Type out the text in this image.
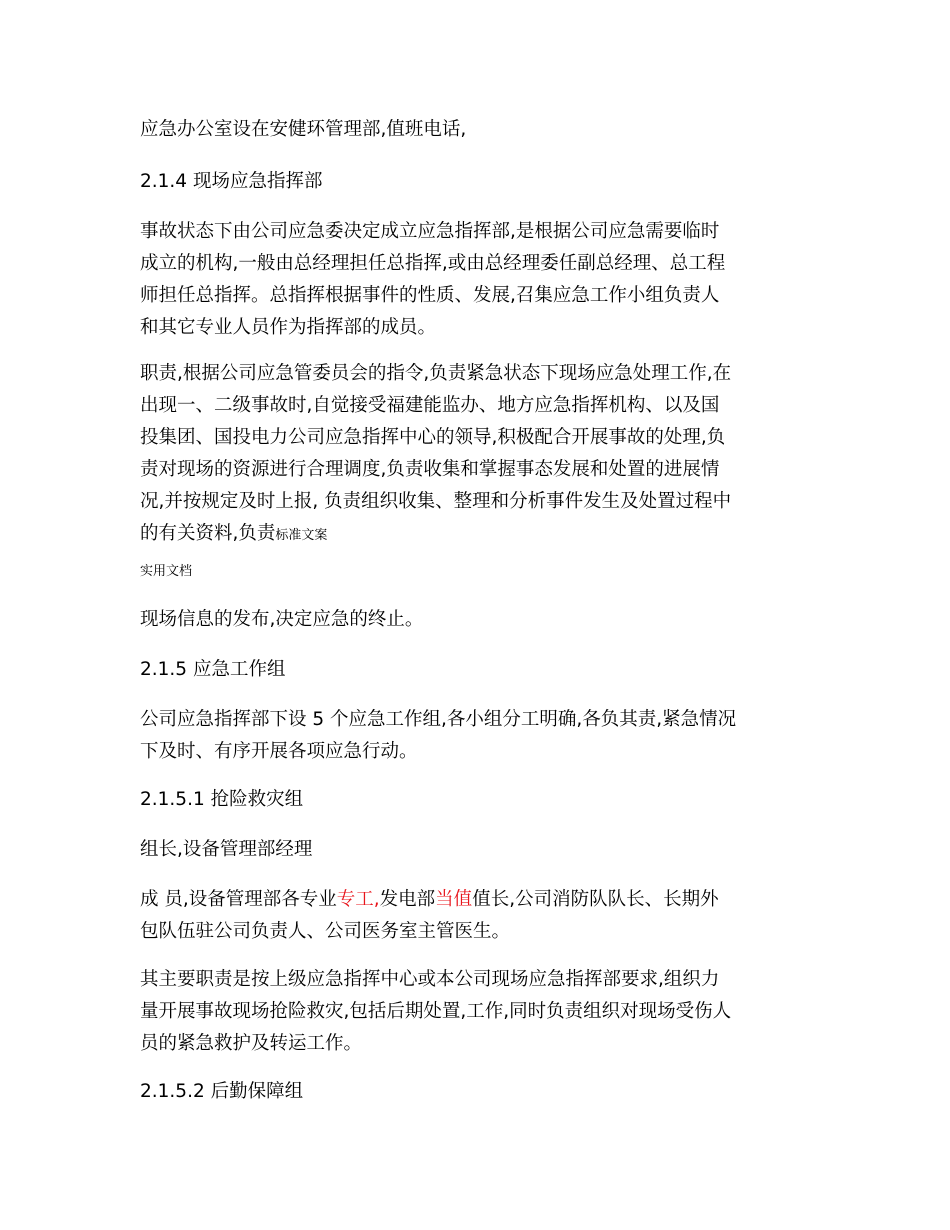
应急办公室设在安健环管理部,值班电话,

2.1.4 现场应急指挥部

事故状态下由公司应急委决定成立应急指挥部,是根据公司应急需要临时
成立的机构,一般由总经理担任总指挥,或由总经理委任副总经理、总工程
师担任总指挥。总指挥根据事件的性质、发展,召集应急工作小组负责人
和其它专业人员作为指挥部的成员。
职责,根据公司应急管委员会的指令,负责紧急状态下现场应急处理工作,在
出现一、二级事故时,自觉接受福建能监办、地方应急指挥机构、以及国
投集团、国投电力公司应急指挥中心的领导,积极配合开展事故的处理,负
责对现场的资源进行合理调度,负责收集和掌握事态发展和处置的进展情
况,并按规定及时上报, 负责组织收集、整理和分析事件发生及处置过程中
的有关资料,负责标准文案
实用文档

现场信息的发布,决定应急的终止。

2.1.5 应急工作组

公司应急指挥部下设 5 个应急工作组,各小组分工明确,各负其责,紧急情况
下及时、有序开展各项应急行动。

2.1.5.1 抢险救灾组

组长,设备管理部经理

成 员,设备管理部各专业专工,发电部当值值长,公司消防队队长、长期外
包队伍驻公司负责人、公司医务室主管医生。
其主要职责是按上级应急指挥中心或本公司现场应急指挥部要求,组织力
量开展事故现场抢险救灾,包括后期处置,工作,同时负责组织对现场受伤人
员的紧急救护及转运工作。

2.1.5.2 后勤保障组
